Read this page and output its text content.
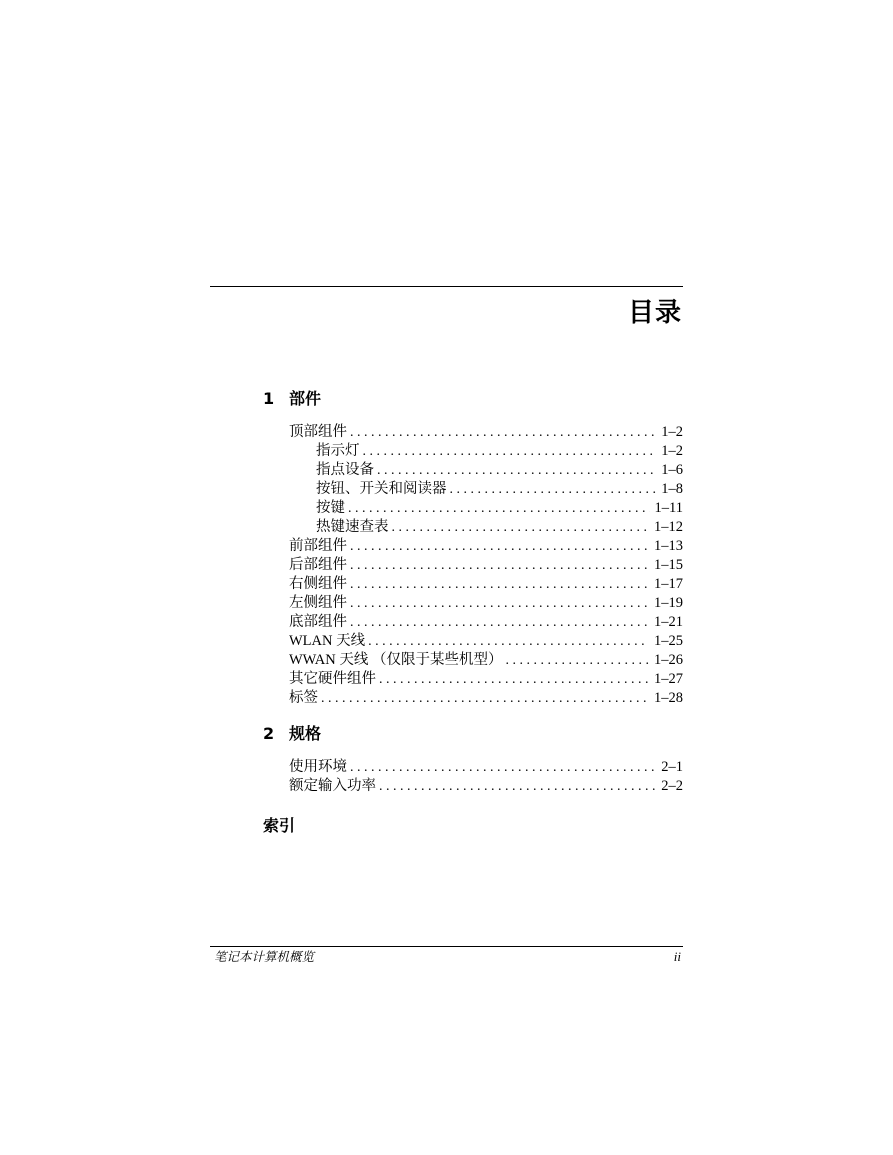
目录
1 部件
顶部组件 . . .	1–2
指示灯 . . .	1–2
指点设备 . . .	1–6
按钮、开关和阅读器 . . .	1–8
按键 . . .	1–11
热键速查表 . . .	1–12
前部组件 . . .	1–13
后部组件 . . .	1–15
右侧组件 . . .	1–17
左侧组件 . . .	1–19
底部组件 . . .	1–21
WLAN 天线 . . .	1–25
WWAN 天线 （仅限于某些机型） . . .	1–26
其它硬件组件 . . .	1–27
标签 . . .	1–28
2 规格
使用环境 . . .	2–1
额定输入功率 . . .	2–2
索引
笔记本计算机概览	ii
